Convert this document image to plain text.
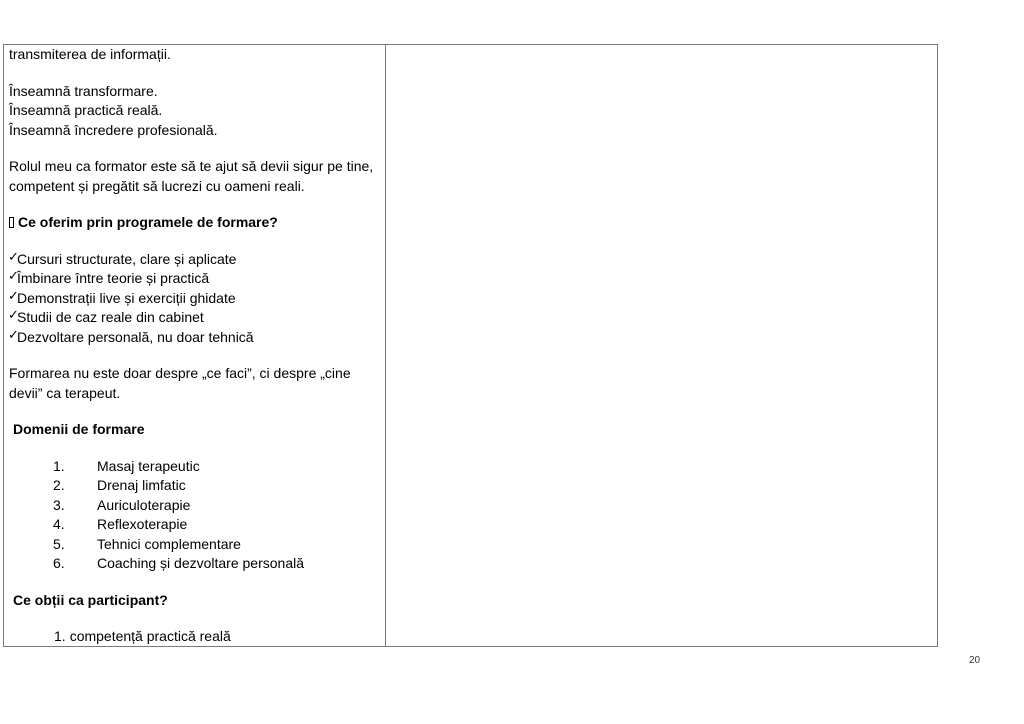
transmiterea de informații.
Înseamnă transformare.
Înseamnă practică reală.
Înseamnă încredere profesională.
Rolul meu ca formator este să te ajut să devii sigur pe tine,
competent și pregătit să lucrezi cu oameni reali.
Ce oferim prin programele de formare?
✓Cursuri structurate, clare și aplicate
✓Îmbinare între teorie și practică
✓Demonstrații live și exerciții ghidate
✓Studii de caz reale din cabinet
✓Dezvoltare personală, nu doar tehnică
Formarea nu este doar despre „ce faci”, ci despre „cine
devii” ca terapeut.
Domenii de formare
1. Masaj terapeutic
2. Drenaj limfatic
3. Auriculoterapie
4. Reflexoterapie
5. Tehnici complementare
6. Coaching și dezvoltare personală
Ce obții ca participant?
1. competență practică reală
20
